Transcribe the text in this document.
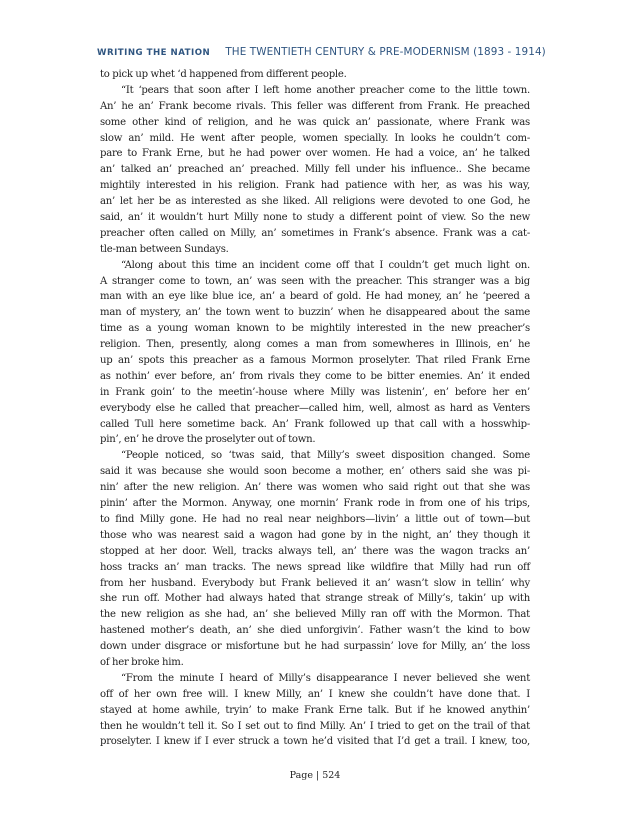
WRITING THE NATION THE TWENTIETH CENTURY & PRE-MODERNISM (1893 - 1914)
to pick up whet ‘d happened from different people.
“It ‘pears that soon after I left home another preacher come to the little town.
An’ he an’ Frank become rivals. This feller was different from Frank. He preached
some other kind of religion, and he was quick an’ passionate, where Frank was
slow an’ mild. He went after people, women specially. In looks he couldn’t com-
pare to Frank Erne, but he had power over women. He had a voice, an’ he talked
an’ talked an’ preached an’ preached. Milly fell under his influence.. She became
mightily interested in his religion. Frank had patience with her, as was his way,
an’ let her be as interested as she liked. All religions were devoted to one God, he
said, an’ it wouldn’t hurt Milly none to study a different point of view. So the new
preacher often called on Milly, an’ sometimes in Frank’s absence. Frank was a cat-
tle-man between Sundays.
“Along about this time an incident come off that I couldn’t get much light on.
A stranger come to town, an’ was seen with the preacher. This stranger was a big
man with an eye like blue ice, an’ a beard of gold. He had money, an’ he ‘peered a
man of mystery, an’ the town went to buzzin’ when he disappeared about the same
time as a young woman known to be mightily interested in the new preacher’s
religion. Then, presently, along comes a man from somewheres in Illinois, en’ he
up an’ spots this preacher as a famous Mormon proselyter. That riled Frank Erne
as nothin’ ever before, an’ from rivals they come to be bitter enemies. An’ it ended
in Frank goin’ to the meetin’-house where Milly was listenin’, en’ before her en’
everybody else he called that preacher—called him, well, almost as hard as Venters
called Tull here sometime back. An’ Frank followed up that call with a hosswhip-
pin’, en’ he drove the proselyter out of town.
“People noticed, so ‘twas said, that Milly’s sweet disposition changed. Some
said it was because she would soon become a mother, en’ others said she was pi-
nin’ after the new religion. An’ there was women who said right out that she was
pinin’ after the Mormon. Anyway, one mornin’ Frank rode in from one of his trips,
to find Milly gone. He had no real near neighbors—livin’ a little out of town—but
those who was nearest said a wagon had gone by in the night, an’ they though it
stopped at her door. Well, tracks always tell, an’ there was the wagon tracks an’
hoss tracks an’ man tracks. The news spread like wildfire that Milly had run off
from her husband. Everybody but Frank believed it an’ wasn’t slow in tellin’ why
she run off. Mother had always hated that strange streak of Milly’s, takin’ up with
the new religion as she had, an’ she believed Milly ran off with the Mormon. That
hastened mother’s death, an’ she died unforgivin’. Father wasn’t the kind to bow
down under disgrace or misfortune but he had surpassin’ love for Milly, an’ the loss
of her broke him.
“From the minute I heard of Milly’s disappearance I never believed she went
off of her own free will. I knew Milly, an’ I knew she couldn’t have done that. I
stayed at home awhile, tryin’ to make Frank Erne talk. But if he knowed anythin’
then he wouldn’t tell it. So I set out to find Milly. An’ I tried to get on the trail of that
proselyter. I knew if I ever struck a town he’d visited that I’d get a trail. I knew, too,
Page | 524
